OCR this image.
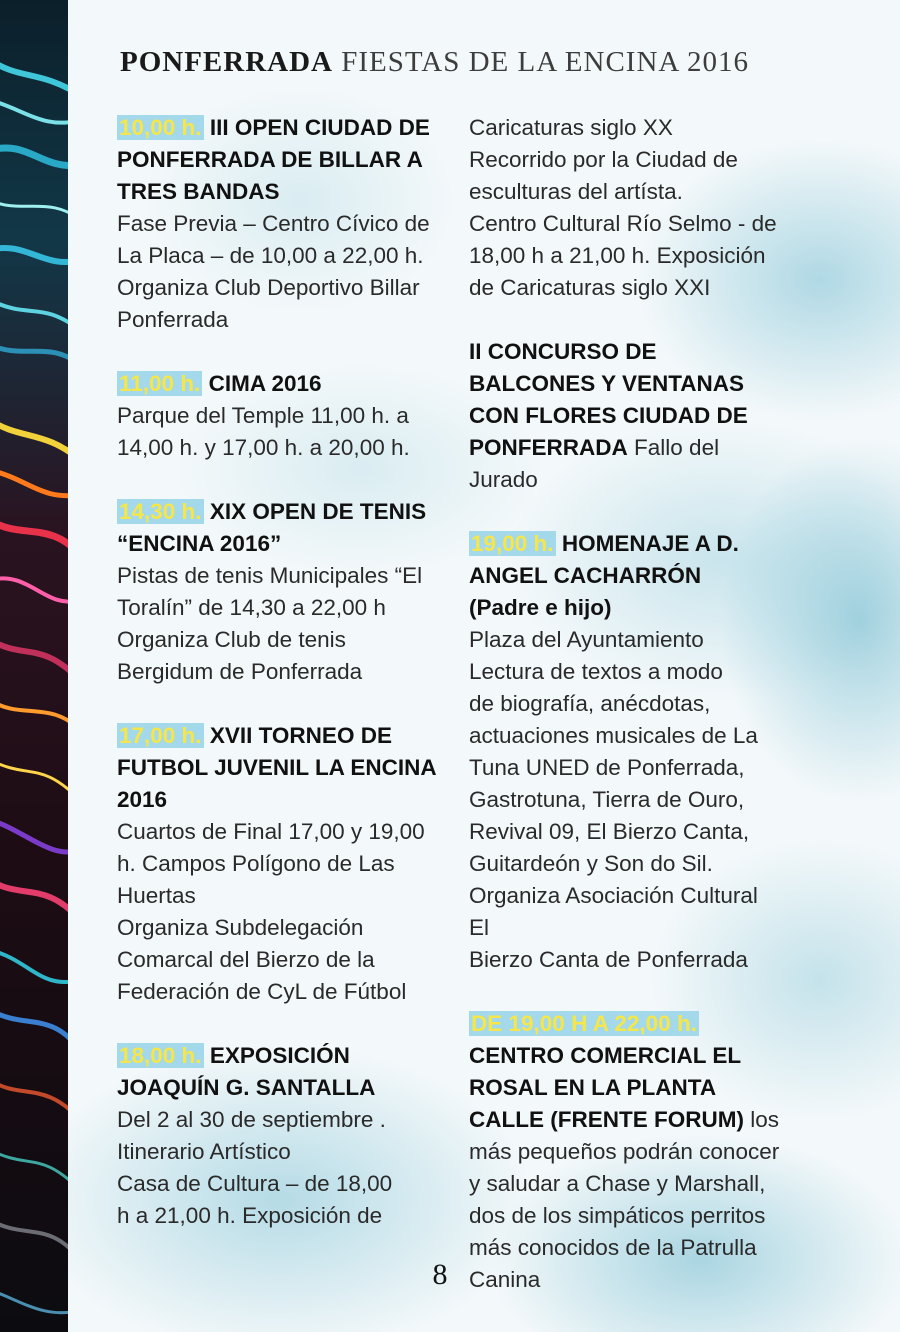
PONFERRADA FIESTAS DE LA ENCINA 2016

10,00 h. III OPEN CIUDAD DE PONFERRADA DE BILLAR A TRES BANDAS
Fase Previa – Centro Cívico de
La Placa – de 10,00 a 22,00 h.
Organiza Club Deportivo Billar
Ponferrada

11,00 h. CIMA 2016
Parque del Temple 11,00 h. a
14,00 h. y 17,00 h. a 20,00 h.

14,30 h. XIX OPEN DE TENIS “ENCINA 2016”
Pistas de tenis Municipales “El
Toralín” de 14,30 a 22,00 h
Organiza Club de tenis
Bergidum de Ponferrada

17,00 h. XVII TORNEO DE FUTBOL JUVENIL LA ENCINA 2016
Cuartos de Final 17,00 y 19,00
h. Campos Polígono de Las
Huertas
Organiza Subdelegación
Comarcal del Bierzo de la
Federación de CyL de Fútbol

18,00 h. EXPOSICIÓN JOAQUÍN G. SANTALLA
Del 2 al 30 de septiembre .
Itinerario Artístico
Casa de Cultura – de 18,00
h a 21,00 h. Exposición de

Caricaturas siglo XX
Recorrido por la Ciudad de
esculturas del artísta.
Centro Cultural Río Selmo - de
18,00 h a 21,00 h. Exposición
de Caricaturas siglo XXI

II CONCURSO DE BALCONES Y VENTANAS CON FLORES CIUDAD DE PONFERRADA Fallo del Jurado

19,00 h. HOMENAJE A D. ANGEL CACHARRÓN (Padre e hijo)
Plaza del Ayuntamiento
Lectura de textos a modo
de biografía, anécdotas,
actuaciones musicales de La
Tuna UNED de Ponferrada,
Gastrotuna, Tierra de Ouro,
Revival 09, El Bierzo Canta,
Guitardeón y Son do Sil.
Organiza Asociación Cultural El
Bierzo Canta de Ponferrada

DE 19,00 H A 22,00 h. CENTRO COMERCIAL EL ROSAL EN LA PLANTA CALLE (FRENTE FORUM) los más pequeños podrán conocer y saludar a Chase y Marshall, dos de los simpáticos perritos más conocidos de la Patrulla Canina

8
